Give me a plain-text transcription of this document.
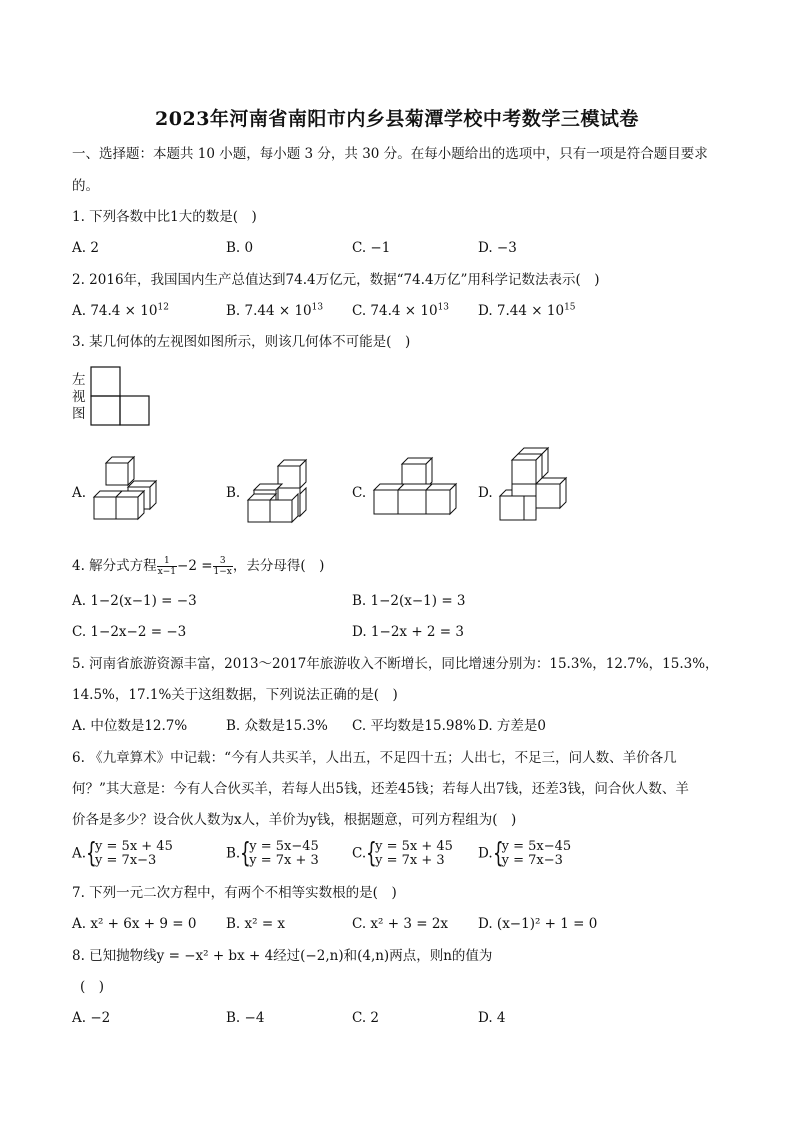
2023年河南省南阳市内乡县菊潭学校中考数学三模试卷
一、选择题：本题共 10 小题，每小题 3 分，共 30 分。在每小题给出的选项中，只有一项是符合题目要求
的。
1. 下列各数中比1大的数是(　)
A. 2	B. 0	C. −1	D. −3
2. 2016年，我国国内生产总值达到74.4万亿元，数据“74.4万亿”用科学记数法表示(　)
A. $74.4 \times 10^{12}$	B. $7.44 \times 10^{13}$ C. $74.4 \times 10^{13}$ D. $7.44 \times 10^{15}$
3. 某几何体的左视图如图所示，则该几何体不可能是(　)
左
视
图
A.	B.	C.	D.
4. 解分式方程 $\frac{1}{x-1} -2 = \frac{3}{1-x}$ ，去分母得(　)
A. 1−2(x−1) = −3	B. 1−2(x−1) = 3
C. 1−2x−2 = −3	D. 1−2x + 2 = 3
5. 河南省旅游资源丰富，2013～2017年旅游收入不断增长，同比增速分别为：15.3%，12.7%，15.3%，
14.5%，17.1%关于这组数据，下列说法正确的是(　)
A. 中位数是12.7%	B. 众数是15.3% C. 平均数是15.98% D. 方差是0
6. 《九章算术》中记载：“今有人共买羊，人出五，不足四十五；人出七，不足三，问人数、羊价各几
何？”其大意是：今有人合伙买羊，若每人出5钱，还差45钱；若每人出7钱，还差3钱，问合伙人数、羊
价各是多少？设合伙人数为x人，羊价为y钱，根据题意，可列方程组为(　)
A. {
y = 5x + 45
y = 7x−3	B. {
y = 5x−45
y = 7x + 3 C. {
y = 5x + 45
y = 7x + 3	D. {
y = 5x−45
y = 7x−3
7. 下列一元二次方程中，有两个不相等实数根的是(　)
A. x² + 6x + 9 = 0 B. x² = x	C. x² + 3 = 2x D. (x−1)² + 1 = 0
8. 已知抛物线y = −x² + bx + 4经过(−2,n)和(4,n)两点，则n的值为
(　)
A. −2	B. −4	C. 2	D. 4
